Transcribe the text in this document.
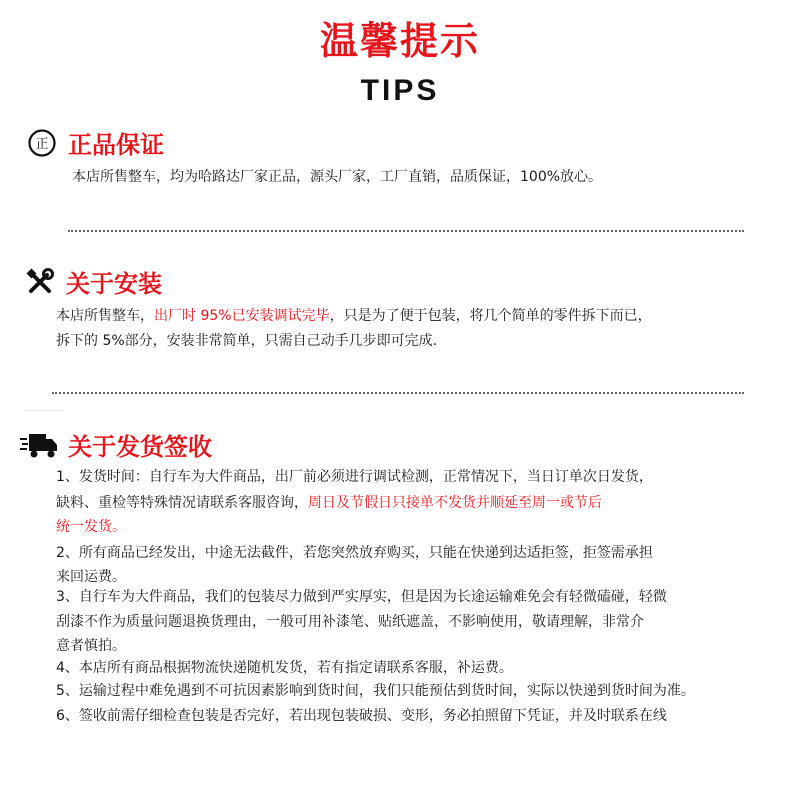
温馨提示
TIPS
正 正品保证
本店所售整车，均为哈路达厂家正品，源头厂家，工厂直销，品质保证，100%放心。
关于安装
本店所售整车，出厂时 95%已安装调试完毕，只是为了便于包装，将几个简单的零件拆下而已，
拆下的 5%部分，安装非常简单，只需自己动手几步即可完成.
关于发货签收
1、发货时间：自行车为大件商品，出厂前必须进行调试检测，正常情况下，当日订单次日发货，
缺料、重检等特殊情况请联系客服咨询，周日及节假日只接单不发货并顺延至周一或节后
统一发货。
2、所有商品已经发出，中途无法截件，若您突然放弃购买，只能在快递到达适拒签，拒签需承担
来回运费。
3、自行车为大件商品，我们的包装尽力做到严实厚实，但是因为长途运输难免会有轻微磕碰，轻微
刮漆不作为质量问题退换货理由，一般可用补漆笔、贴纸遮盖，不影响使用，敬请理解，非常介
意者慎拍。
4、本店所有商品根据物流快递随机发货，若有指定请联系客服，补运费。
5、运输过程中难免遇到不可抗因素影响到货时间，我们只能预估到货时间，实际以快递到货时间为准。
6、签收前需仔细检查包装是否完好，若出现包装破损、变形，务必拍照留下凭证，并及时联系在线
